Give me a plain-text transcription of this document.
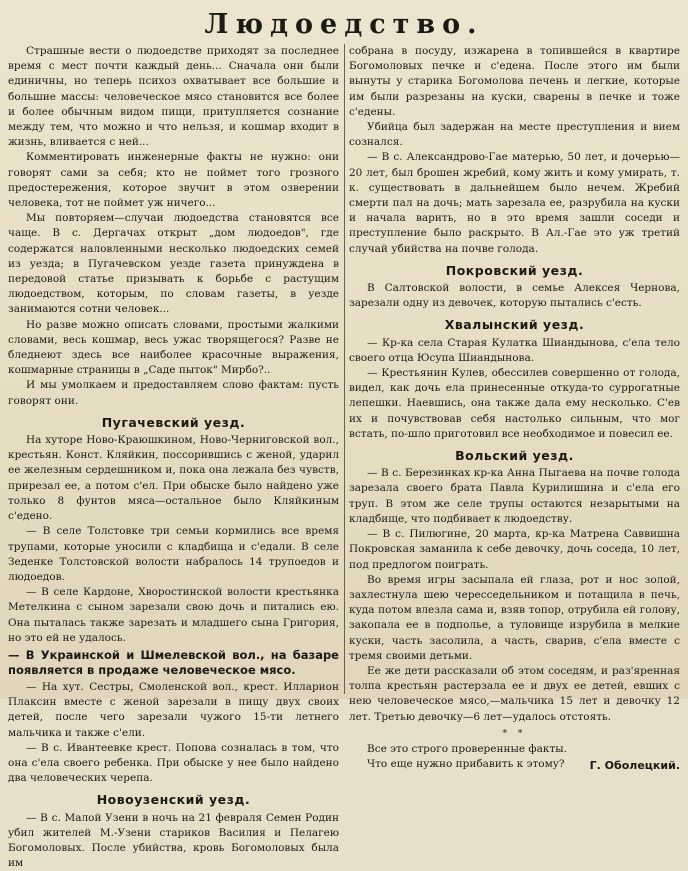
Людоедство.

Страшные вести о людоедстве приходят за последнее время с мест почти каждый день... Сначала они были единичны, но теперь психоз охватывает все большие и большие массы: человеческое мясо становится все более и более обычным видом пищи, притупляется сознание между тем, что можно и что нельзя, и кошмар входит в жизнь, вливается с ней...

Комментировать инженерные факты не нужно: они говорят сами за себя; кто не поймет того грозного предостережения, которое звучит в этом озверении человека, тот не поймет уж ничего...

Мы повторяем—случаи людоедства становятся все чаще. В с. Дергачах открыт „дом людоедов", где содержатся наловленными несколько людоедских семей из уезда; в Пугачевском уезде газета принуждена в передовой статье призывать к борьбе с растущим людоедством, которым, по словам газеты, в уезде занимаются сотни человек...

Но разве можно описать словами, простыми жалкими словами, весь кошмар, весь ужас творящегося? Разве не бледнеют здесь все наиболее красочные выражения, кошмарные страницы в „Саде пыток" Мирбо?..

И мы умолкаем и предоставляем слово фактам: пусть говорят они.

Пугачевский уезд.

На хуторе Ново-Краюшкином, Ново-Черниговской вол., крестьян. Конст. Кляйкин, поссорившись с женой, ударил ее железным сердешником и, пока она лежала без чувств, прирезал ее, а потом с'ел. При обыске было найдено уже только 8 фунтов мяса—остальное было Кляйкиным с'едено.

— В селе Толстовке три семьи кормились все время трупами, которые уносили с кладбища и с'едали. В селе Зеденке Толстовской волости набралось 14 трупоедов и людоедов.

— В селе Кардоне, Хворостинской волости крестьянка Метелкина с сыном зарезали свою дочь и питались ею. Она пыталась также зарезать и младшего сына Григория, но это ей не удалось.

— В Украинской и Шмелевской вол., на базаре появляется в продаже человеческое мясо.

— На хут. Сестры, Смоленской вол., крест. Илларион Плаксин вместе с женой зарезали в пищу двух своих детей, после чего зарезали чужого 15-ти летнего мальчика и также с'ели.

— В с. Ивантеевке крест. Попова созналась в том, что она с'ела своего ребенка. При обыске у нее было найдено два человеческих черепа.

Новоузенский уезд.

— В с. Малой Узени в ночь на 21 февраля Семен Родин убил жителей М.-Узени стариков Василия и Пелагею Богомоловых. После убийства, кровь Богомоловых была им

собрана в посуду, изжарена в топившейся в квартире Богомоловых печке и с'едена. После этого им были вынуты у старика Богомолова печень и легкие, которые им были разрезаны на куски, сварены в печке и тоже с'едены.

Убийца был задержан на месте преступления и вием сознался.

— В с. Александрово-Гае матерью, 50 лет, и дочерью—20 лет, был брошен жребий, кому жить и кому умирать, т. к. существовать в дальнейшем было нечем. Жребий смерти пал на дочь; мать зарезала ее, разрубила на куски и начала варить, но в это время зашли соседи и преступление было раскрыто. В Ал.-Гае это уж третий случай убийства на почве голода.

Покровский уезд.

В Салтовской волости, в семье Алексея Чернова, зарезали одну из девочек, которую пытались с'есть.

Хвалынский уезд.

— Кр-ка села Старая Кулатка Шиандынова, с'ела тело своего отца Юсупа Шиандынова.

— Крестьянин Кулев, обессилев совершенно от голода, видел, как дочь ела принесенные откуда-то суррогатные лепешки. Наевшись, она также дала ему несколько. С'ев их и почувствовав себя настолько сильным, что мог встать, по-шло приготовил все необходимое и повесил ее.

Вольский уезд.

— В с. Березинках кр-ка Анна Пыгаева на почве голода зарезала своего брата Павла Курилишина и с'ела его труп. В этом же селе трупы остаются незарытыми на кладбище, что подбивает к людоедству.

— В с. Пилюгине, 20 марта, кр-ка Матрена Саввишна Покровская заманила к себе девочку, дочь соседа, 10 лет, под предлогом поиграть.

Во время игры засыпала ей глаза, рот и нос золой, захлестнула шею чересседельником и потащила в печь, куда потом влезла сама и, взяв топор, отрубила ей голову, закопала ее в подполье, а туловище изрубила в мелкие куски, часть засолила, а часть, сварив, с'ела вместе с тремя своими детьми.

Ее же дети рассказали об этом соседям, и раз'яренная толпа крестьян растерзала ее и двух ее детей, евших с нею человеческое мясо,—мальчика 15 лет и девочку 12 лет. Третью девочку—6 лет—удалось отстоять.

* *

Все это строго проверенные факты.

Что еще нужно прибавить к этому?	Г. Оболецкий.
